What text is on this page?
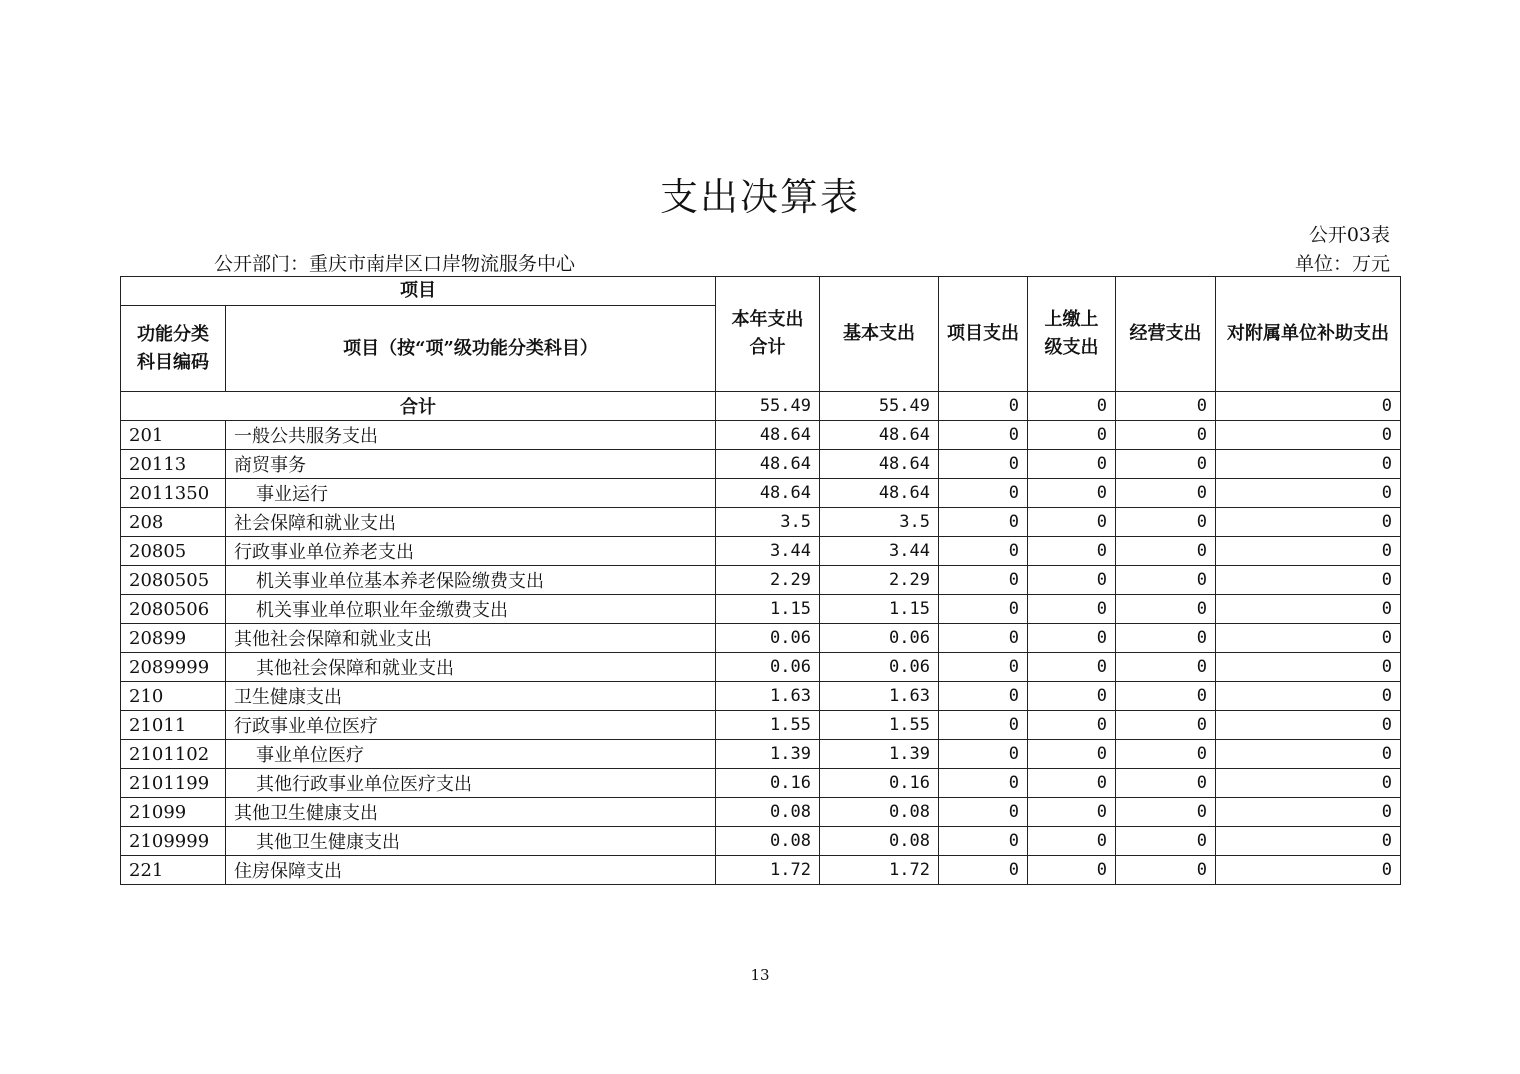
支出决算表
公开03表
公开部门：重庆市南岸区口岸物流服务中心	单位：万元
项目		本年支出合计	基本支出	项目支出	上缴上级支出	经营支出	对附属单位补助支出
功能分类科目编码	项目（按“项”级功能分类科目）						
合计		55.49	55.49	0	0	0	0
201	一般公共服务支出	48.64	48.64	0	0	0	0
20113	商贸事务	48.64	48.64	0	0	0	0
2011350	事业运行	48.64	48.64	0	0	0	0
208	社会保障和就业支出	3.5	3.5	0	0	0	0
20805	行政事业单位养老支出	3.44	3.44	0	0	0	0
2080505	机关事业单位基本养老保险缴费支出	2.29	2.29	0	0	0	0
2080506	机关事业单位职业年金缴费支出	1.15	1.15	0	0	0	0
20899	其他社会保障和就业支出	0.06	0.06	0	0	0	0
2089999	其他社会保障和就业支出	0.06	0.06	0	0	0	0
210	卫生健康支出	1.63	1.63	0	0	0	0
21011	行政事业单位医疗	1.55	1.55	0	0	0	0
2101102	事业单位医疗	1.39	1.39	0	0	0	0
2101199	其他行政事业单位医疗支出	0.16	0.16	0	0	0	0
21099	其他卫生健康支出	0.08	0.08	0	0	0	0
2109999	其他卫生健康支出	0.08	0.08	0	0	0	0
221	住房保障支出	1.72	1.72	0	0	0	0
13
